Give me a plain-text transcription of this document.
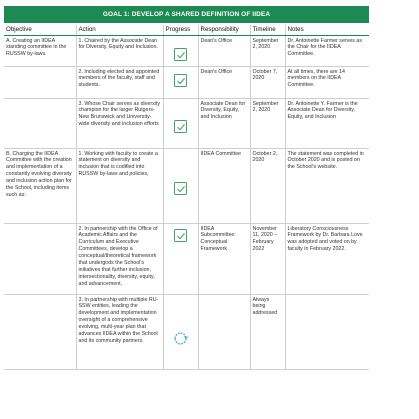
GOAL 1: DEVELOP A SHARED DEFINITION OF IIDEA
Objective	Action	Progress	Responsibility	Timeline	Notes
A. Creating an IIDEA standing committee in the RUSSW by-laws.	1. Chaired by the Associate Dean for Diversity, Equity and Inclusion.		Dean's Office	September 2, 2020	Dr. Antoinette Farmer serves as the Chair for the IIDEA Committee.
	2. Including elected and appointed members of the faculty, staff and students.		Dean's Office	October 7, 2020	At all times, there are 14 members on the IIDEA Committee.
	3. Whose Chair serves as diversity champion for the larger Rutgers-New Brunswick and University-wide diversity and inclusion efforts		Associate Dean for Diversity, Equity, and Inclusion	September 2, 2020	Dr. Antoinette Y. Farmer is the Associate Dean for Diversity, Equity, and Inclusion
B. Charging the IIDEA Committee with the creation and implementation of a constantly evolving diversity and inclusion action plan for the School, including items such as:	1. Working with faculty to create a statement on diversity and inclusion that is codified into RUSSW by-laws and policies,		IIDEA Committee	October 2, 2020	The statement was completed in October 2020 and is posted on the School's website.
	2. In partnership with the Office of Academic Affairs and the Curriculum and Executive Committees, develop a conceptual/theoretical framework that undergirds the School's initiatives that further inclusion, intersectionality, diversity, equity, and advancement,		IIDEA Subcommittee: Conceptual Framework	November 11, 2020 – February 2022	Liberatory Consciousness Framework by Dr. Barbara Love was adopted and voted on by faculty in February 2022.
	3. In partnership with multiple RU-SSW entities, leading the development and implementation oversight of a comprehensive evolving, multi-year plan that advances IIDEA within the School and its community partners.			Always being addressed	
